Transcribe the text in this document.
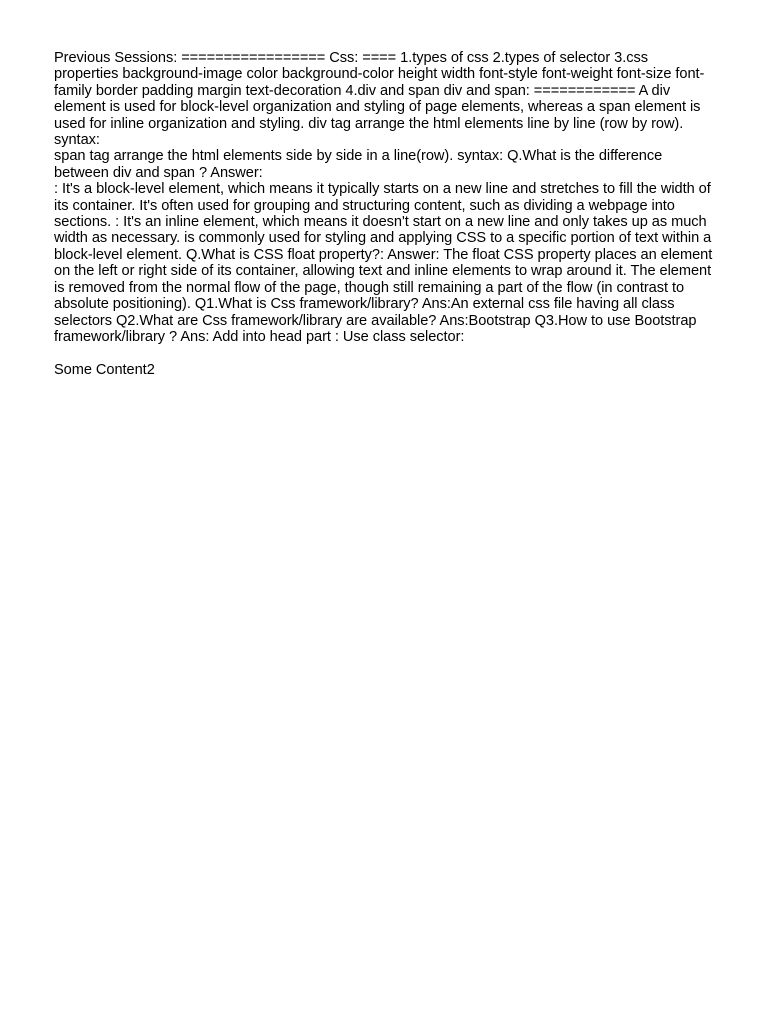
Previous Sessions: ================= Css: ==== 1.types of css 2.types of selector 3.css properties background-image color background-color height width font-style font-weight font-size font-family border padding margin text-decoration 4.div and span div and span: ============ A div element is used for block-level organization and styling of page elements, whereas a span element is used for inline organization and styling. div tag arrange the html elements line by line (row by row). syntax:

span tag arrange the html elements side by side in a line(row). syntax: Q.What is the difference between div and span ? Answer:

: It's a block-level element, which means it typically starts on a new line and stretches to fill the width of its container. It's often used for grouping and structuring content, such as dividing a webpage into sections. : It's an inline element, which means it doesn't start on a new line and only takes up as much width as necessary. is commonly used for styling and applying CSS to a specific portion of text within a block-level element. Q.What is CSS float property?: Answer: The float CSS property places an element on the left or right side of its container, allowing text and inline elements to wrap around it. The element is removed from the normal flow of the page, though still remaining a part of the flow (in contrast to absolute positioning). Q1.What is Css framework/library? Ans:An external css file having all class selectors Q2.What are Css framework/library are available? Ans:Bootstrap Q3.How to use Bootstrap framework/library ? Ans: Add into head part : Use class selector:

Some Content2
